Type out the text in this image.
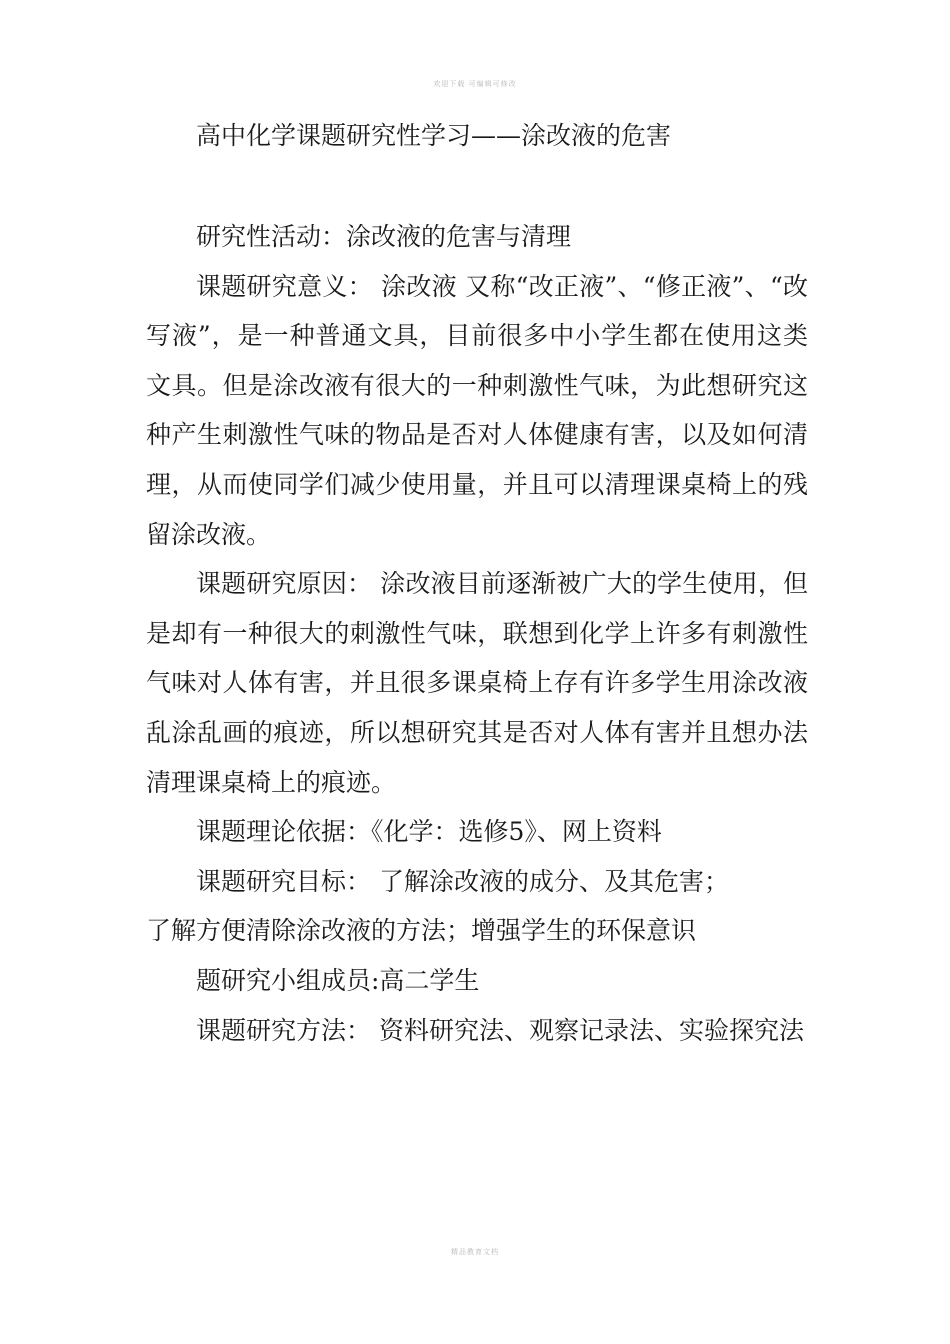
欢迎下载 可编辑可修改
高中化学课题研究性学习——涂改液的危害

研究性活动：涂改液的危害与清理

课题研究意义： 涂改液 又称“改正液”、“修正液”、“改写液”，是一种普通文具，目前很多中小学生都在使用这类文具。但是涂改液有很大的一种刺激性气味，为此想研究这种产生刺激性气味的物品是否对人体健康有害，以及如何清理，从而使同学们减少使用量，并且可以清理课桌椅上的残留涂改液。

课题研究原因： 涂改液目前逐渐被广大的学生使用，但是却有一种很大的刺激性气味，联想到化学上许多有刺激性气味对人体有害，并且很多课桌椅上存有许多学生用涂改液乱涂乱画的痕迹，所以想研究其是否对人体有害并且想办法清理课桌椅上的痕迹。

课题理论依据：《化学：选修5》、网上资料

课题研究目标： 了解涂改液的成分、及其危害；

了解方便清除涂改液的方法；增强学生的环保意识

题研究小组成员:高二学生

课题研究方法： 资料研究法、观察记录法、实验探究法

精品教育文档
